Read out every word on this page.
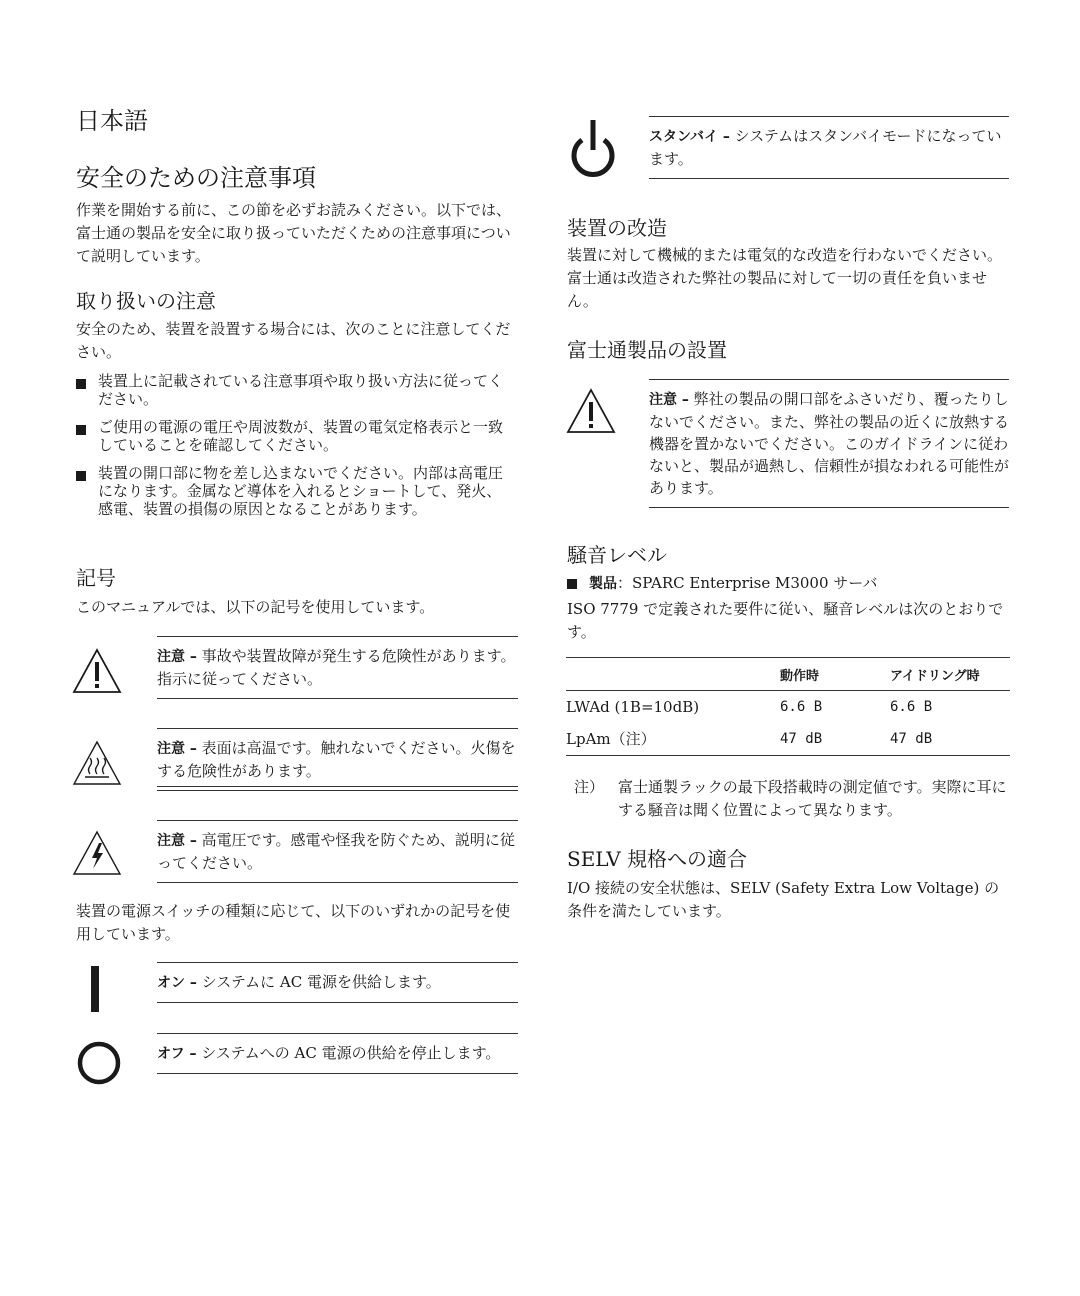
日本語
安全のための注意事項

作業を開始する前に、この節を必ずお読みください。以下では、富士通の製品を安全に取り扱っていただくための注意事項について説明しています。

取り扱いの注意

安全のため、装置を設置する場合には、次のことに注意してください。

装置上に記載されている注意事項や取り扱い方法に従ってください。

ご使用の電源の電圧や周波数が、装置の電気定格表示と一致していることを確認してください。

装置の開口部に物を差し込まないでください。内部は高電圧になります。金属など導体を入れるとショートして、発火、感電、装置の損傷の原因となることがあります。

記号

このマニュアルでは、以下の記号を使用しています。

注意 – 事故や装置故障が発生する危険性があります。指示に従ってください。

注意 – 表面は高温です。触れないでください。火傷をする危険性があります。

注意 – 高電圧です。感電や怪我を防ぐため、説明に従ってください。

装置の電源スイッチの種類に応じて、以下のいずれかの記号を使用しています。

オン – システムに AC 電源を供給します。

オフ – システムへの AC 電源の供給を停止します。

スタンバイ – システムはスタンバイモードになっています。

装置の改造

装置に対して機械的または電気的な改造を行わないでください。富士通は改造された弊社の製品に対して一切の責任を負いません。

富士通製品の設置

注意 – 弊社の製品の開口部をふさいだり、覆ったりしないでください。また、弊社の製品の近くに放熱する機器を置かないでください。このガイドラインに従わないと、製品が過熱し、信頼性が損なわれる可能性があります。

騒音レベル

製品：SPARC Enterprise M3000 サーバ

ISO 7779 で定義された要件に従い、騒音レベルは次のとおりです。

	動作時	アイドリング時
LWAd (1B=10dB)	6.6 B	6.6 B
LpAm（注）	47 dB	47 dB
注） 富士通製ラックの最下段搭載時の測定値です。実際に耳にする騒音は聞く位置によって異なります。

SELV 規格への適合

I/O 接続の安全状態は、SELV (Safety Extra Low Voltage) の条件を満たしています。
